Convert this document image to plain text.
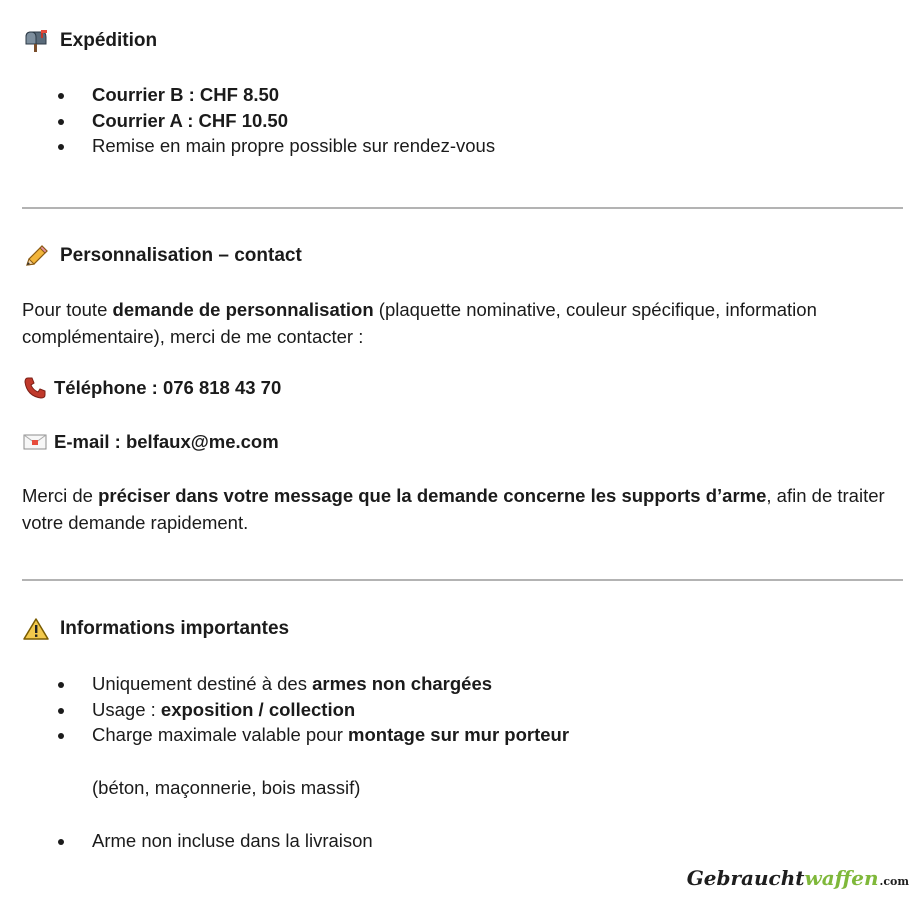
Expédition
Courrier B : CHF 8.50
Courrier A : CHF 10.50
Remise en main propre possible sur rendez-vous
Personnalisation – contact

Pour toute demande de personnalisation (plaquette nominative, couleur spécifique, information complémentaire), merci de me contacter :

Téléphone : 076 818 43 70
E-mail : belfaux@me.com

Merci de préciser dans votre message que la demande concerne les supports d’arme, afin de traiter votre demande rapidement.

Informations importantes
Uniquement destiné à des armes non chargées
Usage : exposition / collection
Charge maximale valable pour montage sur mur porteur
(béton, maçonnerie, bois massif)
Arme non incluse dans la livraison
Gebraucht waffen .com
